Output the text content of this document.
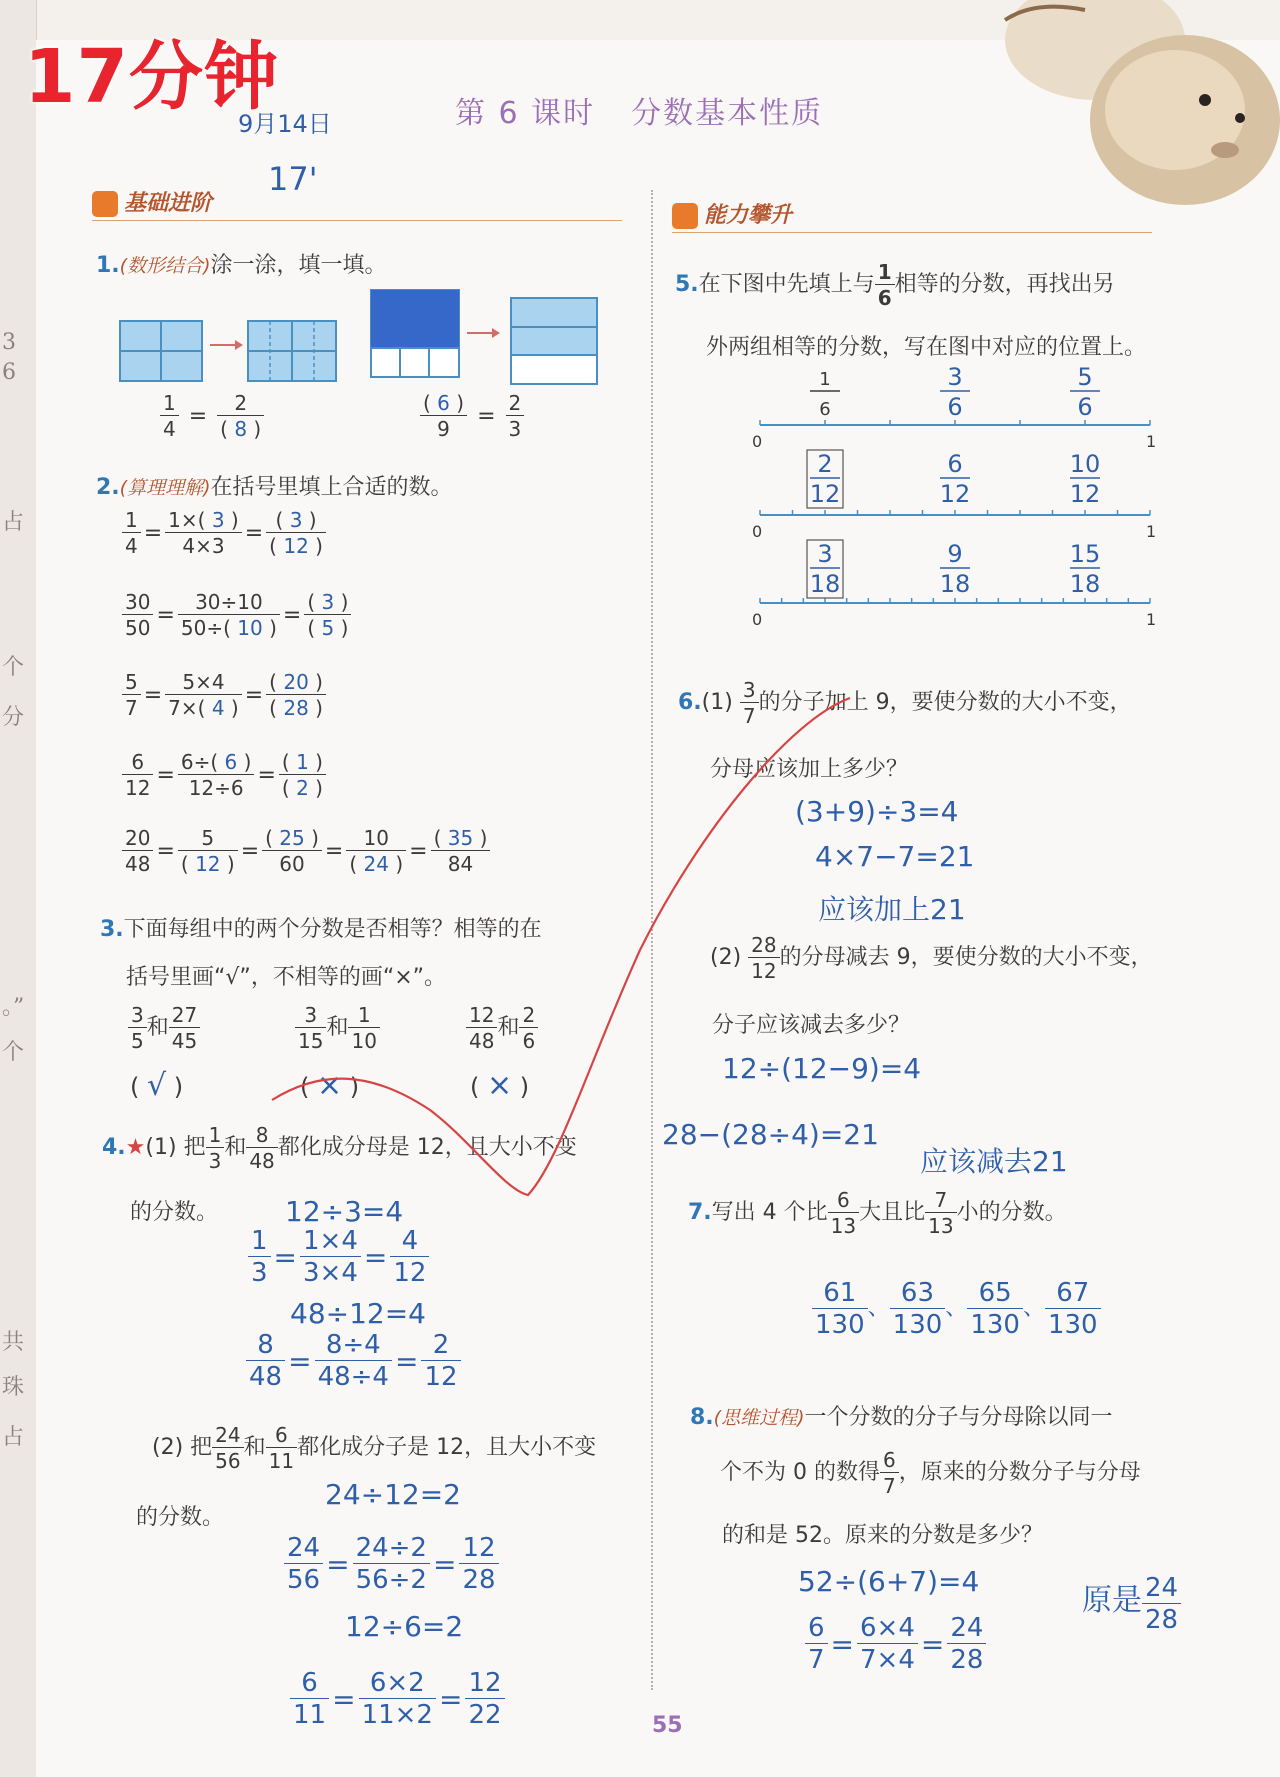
3
6
占
个
分
。”
个
共
珠
占
17分钟	第 6 课时 分数基本性质
9月14日
17'
基础进阶	能力攀升
1.(数形结合)涂一涂，填一填。
$\frac{1}{4} = \frac{2}{( 8 )}$	$\frac{( 6 )}{9} = \frac{2}{3}$
2.(算理理解)在括号里填上合适的数。
$\frac{1}{4} = \frac{1\times( 3 )}{4\times 3} = \frac{( 3 )}{( 12 )}$
$\frac{30}{50} = \frac{30\div 10}{50\div( 10 )} = \frac{( 3 )}{( 5 )}$
$\frac{5}{7} = \frac{5\times 4}{7\times( 4 )} = \frac{( 20 )}{( 28 )}$
$\frac{6}{12} = \frac{6\div( 6 )}{12\div 6} = \frac{( 1 )}{( 2 )}$
$\frac{20}{48} = \frac{5}{( 12 )} = \frac{( 25 )}{60} = \frac{10}{( 24 )} = \frac{( 35 )}{84}$
3.下面每组中的两个分数是否相等？相等的在
括号里画“√”，不相等的画“×”。
$\frac{3}{5}$ 和 $\frac{27}{45}$
( √ )
$\frac{3}{15}$ 和 $\frac{1}{10}$
( × )
$\frac{12}{48}$ 和 $\frac{2}{6}$
( × )
4.★(1) 把 $\frac{1}{3}$ 和 $\frac{8}{48}$ 都化成分母是 12，且大小不变
的分数。 12÷3=4
$\frac{1}{3} = \frac{1\times 4}{3\times 4} = \frac{4}{12}$
48÷12=4
$\frac{8}{48} = \frac{8\div 4}{48\div 4} = \frac{2}{12}$
(2) 把 $\frac{24}{56}$ 和 $\frac{6}{11}$ 都化成分子是 12，且大小不变
的分数。
24÷12=2
$\frac{24}{56} = \frac{24\div 2}{56\div 2} = \frac{12}{28}$
12÷6=2
$\frac{6}{11} = \frac{6\times 2}{11\times 2} = \frac{12}{22}$
5.在下图中先填上与 $\frac{1}{6}$ 相等的分数，再找出另
外两组相等的分数，写在图中对应的位置上。
0	1
1
6
3
6
5
6
0	1
2
12
6
12
10
12
0	1
3
18
9
18
15
18
$6.(1) \frac{3}{7}$ 的分子加上 9，要使分数的大小不变，
分母应该加上多少？
(3+9)÷3=4
4×7−7=21
应该加上21
$(2) \frac{28}{12}$ 的分母减去 9，要使分数的大小不变，
分子应该减去多少？
12÷(12−9)=4
28−(28÷4)=21
应该减去21
7.写出 4 个比 $\frac{6}{13}$ 大且比 $\frac{7}{13}$ 小的分数。
$\frac{61}{130}$ 、 $\frac{63}{130}$ 、 $\frac{65}{130}$ 、 $\frac{67}{130}$
8.(思维过程)一个分数的分子与分母除以同一
个不为 0 的数得 $\frac{6}{7}$ ，原来的分数分子与分母
的和是 52。原来的分数是多少？
52÷(6+7)=4
$\frac{6}{7} = \frac{6\times 4}{7\times 4} = \frac{24}{28}$
原是 $\frac{24}{28}$
55
